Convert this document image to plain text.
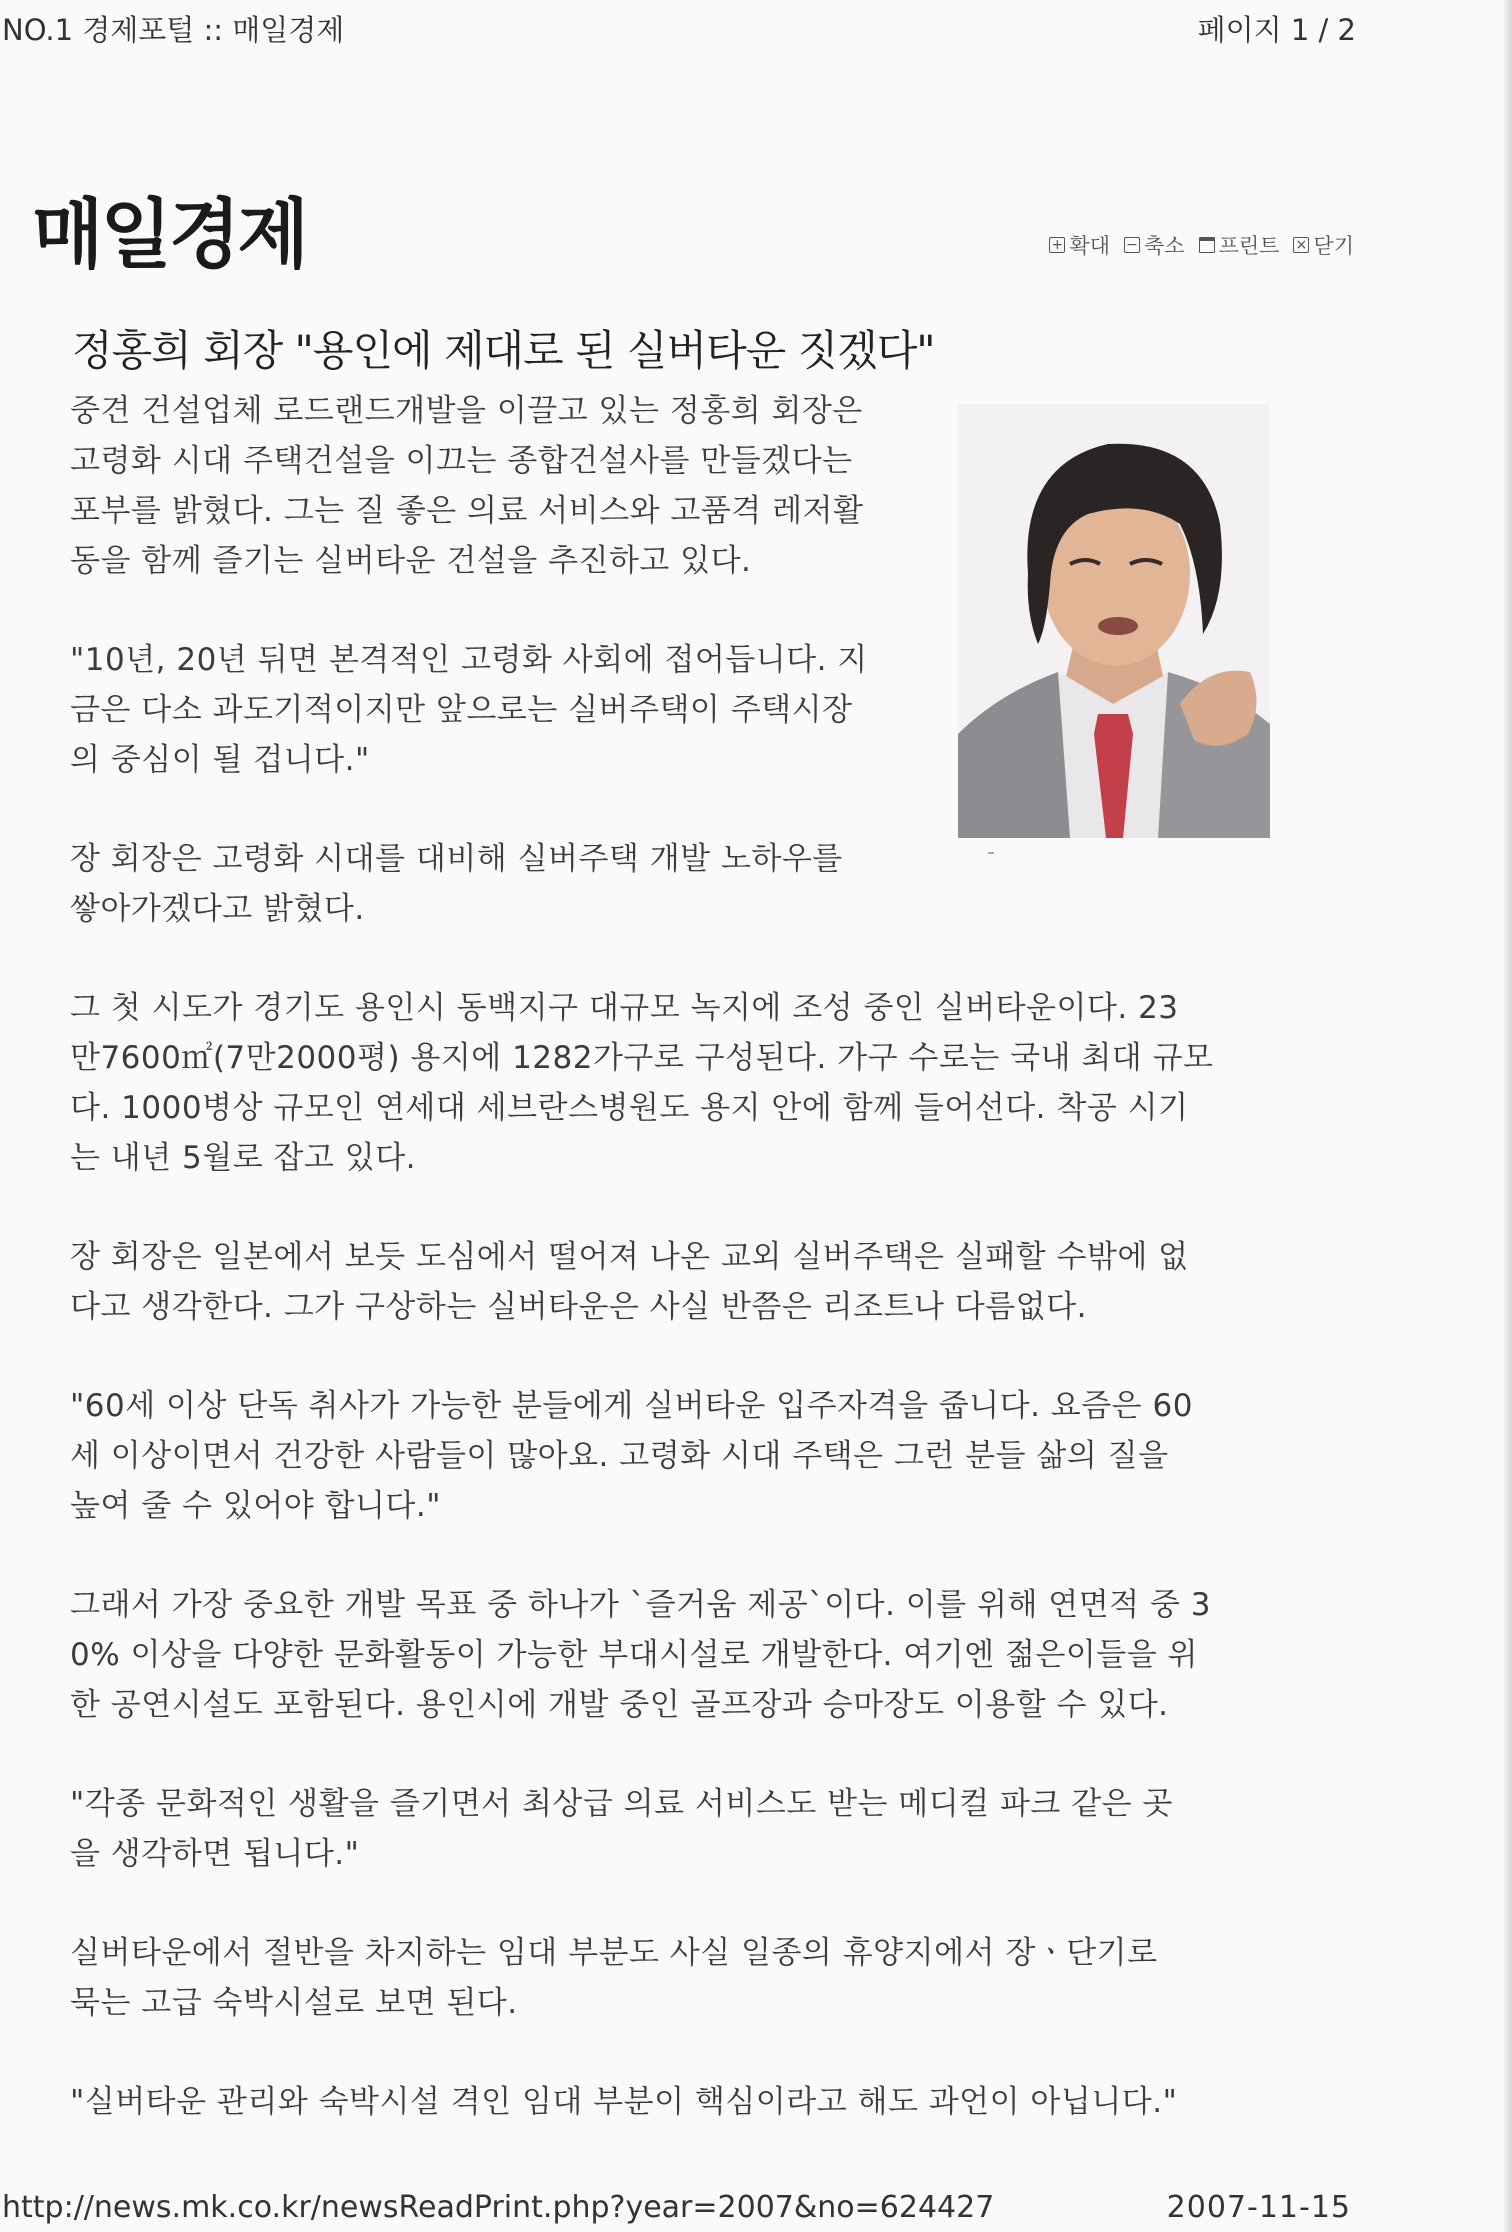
NO.1 경제포털 :: 매일경제	페이지 1 / 2
매일경제	+ 확대 − 축소 프린트 × 닫기
정홍희 회장 "용인에 제대로 된 실버타운 짓겠다"

중견 건설업체 로드랜드개발을 이끌고 있는 정홍희 회장은
고령화 시대 주택건설을 이끄는 종합건설사를 만들겠다는
포부를 밝혔다. 그는 질 좋은 의료 서비스와 고품격 레저활
동을 함께 즐기는 실버타운 건설을 추진하고 있다.

"10년, 20년 뒤면 본격적인 고령화 사회에 접어듭니다. 지
금은 다소 과도기적이지만 앞으로는 실버주택이 주택시장
의 중심이 될 겁니다."

장 회장은 고령화 시대를 대비해 실버주택 개발 노하우를
쌓아가겠다고 밝혔다.

그 첫 시도가 경기도 용인시 동백지구 대규모 녹지에 조성 중인 실버타운이다. 23
만7600㎡(7만2000평) 용지에 1282가구로 구성된다. 가구 수로는 국내 최대 규모
다. 1000병상 규모인 연세대 세브란스병원도 용지 안에 함께 들어선다. 착공 시기
는 내년 5월로 잡고 있다.

장 회장은 일본에서 보듯 도심에서 떨어져 나온 교외 실버주택은 실패할 수밖에 없
다고 생각한다. 그가 구상하는 실버타운은 사실 반쯤은 리조트나 다름없다.

"60세 이상 단독 취사가 가능한 분들에게 실버타운 입주자격을 줍니다. 요즘은 60
세 이상이면서 건강한 사람들이 많아요. 고령화 시대 주택은 그런 분들 삶의 질을
높여 줄 수 있어야 합니다."

그래서 가장 중요한 개발 목표 중 하나가 `즐거움 제공`이다. 이를 위해 연면적 중 3
0% 이상을 다양한 문화활동이 가능한 부대시설로 개발한다. 여기엔 젊은이들을 위
한 공연시설도 포함된다. 용인시에 개발 중인 골프장과 승마장도 이용할 수 있다.

"각종 문화적인 생활을 즐기면서 최상급 의료 서비스도 받는 메디컬 파크 같은 곳
을 생각하면 됩니다."

실버타운에서 절반을 차지하는 임대 부분도 사실 일종의 휴양지에서 장ㆍ단기로
묵는 고급 숙박시설로 보면 된다.

"실버타운 관리와 숙박시설 격인 임대 부분이 핵심이라고 해도 과언이 아닙니다."

http://news.mk.co.kr/newsReadPrint.php?year=2007&no=624427	2007-11-15
